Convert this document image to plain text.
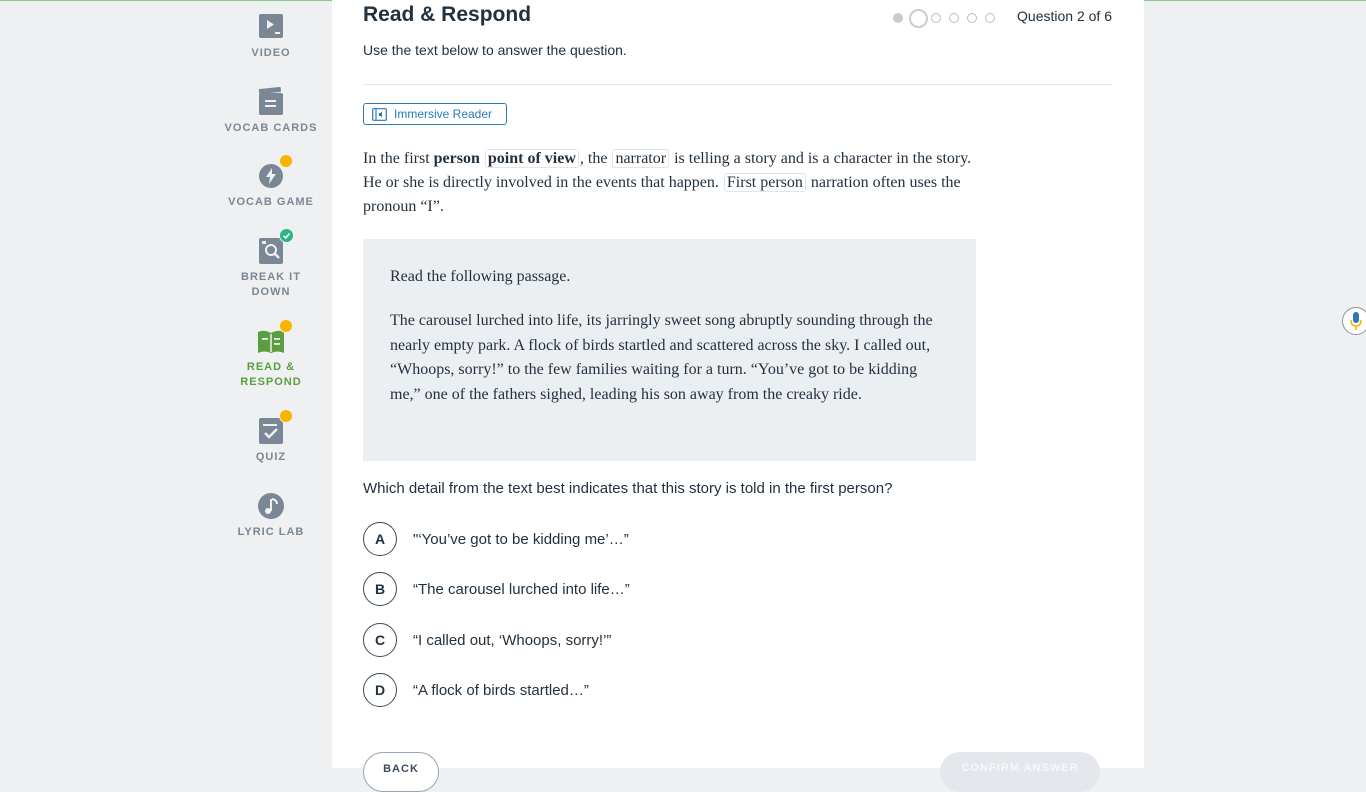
VIDEO
VOCAB CARDS
VOCAB GAME
BREAK IT
DOWN
READ &
RESPOND
QUIZ
LYRIC LAB
Read & Respond
Use the text below to answer the question.
Question 2 of 6
Immersive Reader
In the first person point of view , the narrator is telling a story and is a character in the story. He or she is directly involved in the events that happen. First person narration often uses the pronoun “I”.

Read the following passage.

The carousel lurched into life, its jarringly sweet song abruptly sounding through the nearly empty park. A flock of birds startled and scattered across the sky. I called out, “Whoops, sorry!” to the few families waiting for a turn. “You’ve got to be kidding me,” one of the fathers sighed, leading his son away from the creaky ride.

Which detail from the text best indicates that this story is told in the first person?
A	"‘You’ve got to be kidding me’…”
B	“The carousel lurched into life…”
C	“I called out, ‘Whoops, sorry!’”
D	“A flock of birds startled…”
BACK	CONFIRM ANSWER
